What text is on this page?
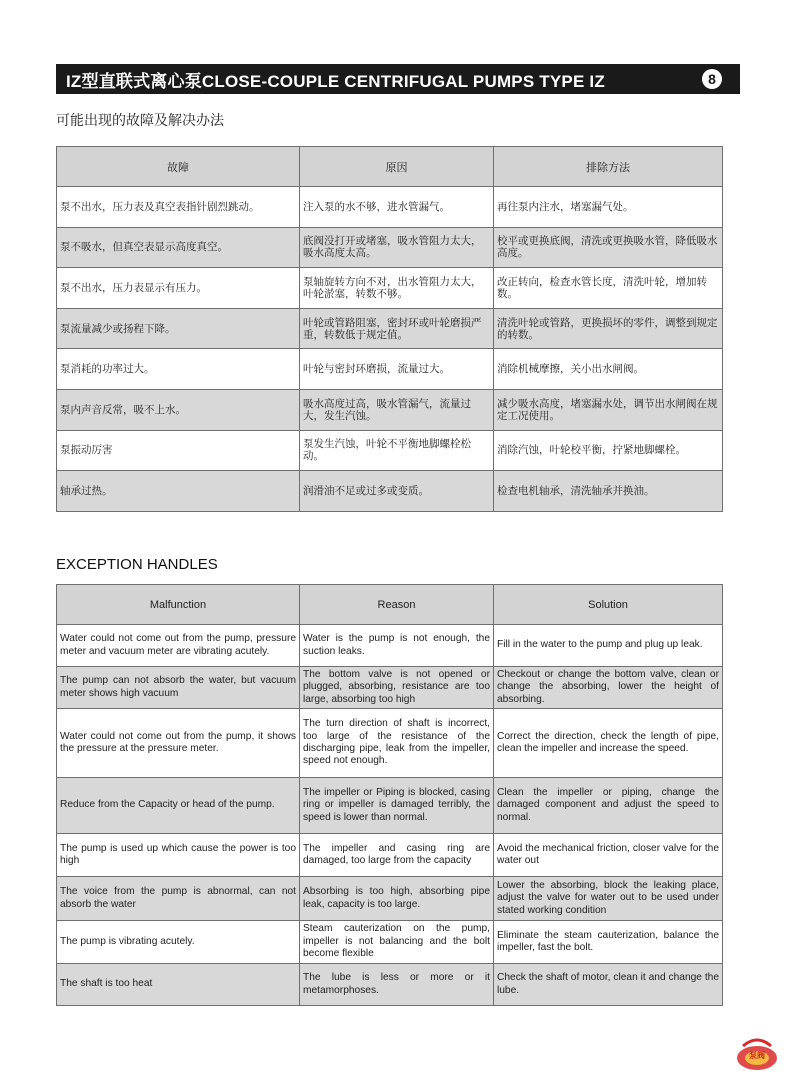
IZ型直联式离心泵CLOSE-COUPLE CENTRIFUGAL PUMPS TYPE IZ	8
可能出现的故障及解决办法
故障	原因	排除方法
泵不出水，压力表及真空表指针剧烈跳动。	注入泵的水不够，进水管漏气。	再往泵内注水，堵塞漏气处。
泵不吸水，但真空表显示高度真空。	底阀没打开或堵塞，吸水管阻力太大，吸水高度太高。	校平或更换底阀，清洗或更换吸水管，降低吸水高度。
泵不出水，压力表显示有压力。	泵轴旋转方向不对，出水管阻力太大，叶轮淤塞，转数不够。	改正转向，检查水管长度，清洗叶轮，增加转数。
泵流量减少或扬程下降。	叶轮或管路阻塞，密封环或叶轮磨损严重，转数低于规定值。	清洗叶轮或管路，更换损坏的零件，调整到规定的转数。
泵消耗的功率过大。	叶轮与密封环磨损，流量过大。	消除机械摩擦，关小出水闸阀。
泵内声音反常，吸不上水。	吸水高度过高，吸水管漏气，流量过大，发生汽蚀。	减少吸水高度，堵塞漏水处，调节出水闸阀在规定工况使用。
泵振动厉害	泵发生汽蚀，叶轮不平衡地脚螺栓松动。	消除汽蚀，叶轮校平衡，拧紧地脚螺栓。
轴承过热。	润滑油不足或过多或变质。	检查电机轴承，清洗轴承并换油。
EXCEPTION HANDLES
Malfunction	Reason	Solution
Water could not come out from the pump, pressure meter and vacuum meter are vibrating acutely.	Water is the pump is not enough, the suction leaks.	Fill in the water to the pump and plug up leak.
The pump can not absorb the water, but vacuum meter shows high vacuum	The bottom valve is not opened or plugged, absorbing, resistance are too large, absorbing too high	Checkout or change the bottom valve, clean or change the absorbing, lower the height of absorbing.
Water could not come out from the pump, it shows the pressure at the pressure meter.	The turn direction of shaft is incorrect, too large of the resistance of the discharging pipe, leak from the impeller, speed not enough.	Correct the direction, check the length of pipe, clean the impeller and increase the speed.
Reduce from the Capacity or head of the pump.	The impeller or Piping is blocked, casing ring or impeller is damaged terribly, the speed is lower than normal.	Clean the impeller or piping, change the damaged component and adjust the speed to normal.
The pump is used up which cause the power is too high	The impeller and casing ring are damaged, too large from the capacity	Avoid the mechanical friction, closer valve for the water out
The voice from the pump is abnormal, can not absorb the water	Absorbing is too high, absorbing pipe leak, capacity is too large.	Lower the absorbing, block the leaking place, adjust the valve for water out to be used under stated working condition
The pump is vibrating acutely.	Steam cauterization on the pump, impeller is not balancing and the bolt become flexible	Eliminate the steam cauterization, balance the impeller, fast the bolt.
The shaft is too heat	The lube is less or more or it metamorphoses.	Check the shaft of motor, clean it and change the lube.
泵阀
